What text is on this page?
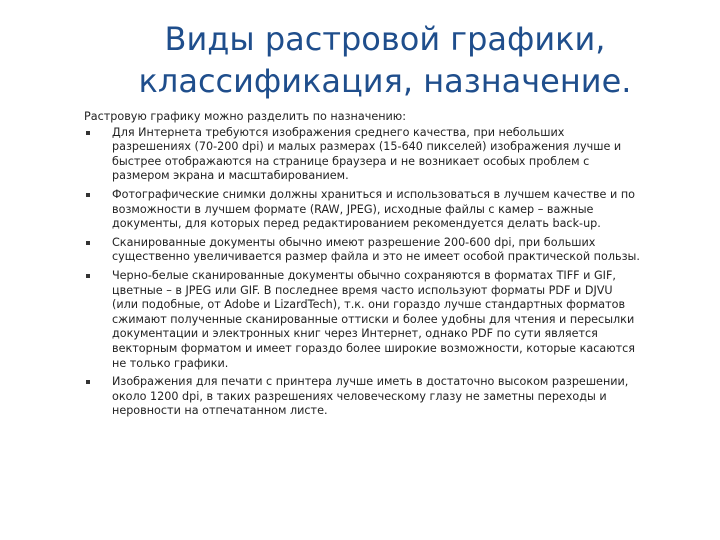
Виды растровой графики,
классификация, назначение.

Растровую графику можно разделить по назначению:

Для Интернета требуются изображения среднего качества, при небольших
разрешениях (70-200 dpi) и малых размерах (15-640 пикселей) изображения лучше и
быстрее отображаются на странице браузера и не возникает особых проблем с
размером экрана и масштабированием.
Фотографические снимки должны храниться и использоваться в лучшем качестве и по
возможности в лучшем формате (RAW, JPEG), исходные файлы с камер – важные
документы, для которых перед редактированием рекомендуется делать back-up.
Сканированные документы обычно имеют разрешение 200-600 dpi, при больших
существенно увеличивается размер файла и это не имеет особой практической пользы.
Черно-белые сканированные документы обычно сохраняются в форматах TIFF и GIF,
цветные – в JPEG или GIF. В последнее время часто используют форматы PDF и DJVU
(или подобные, от Adobe и LizardTech), т.к. они гораздо лучше стандартных форматов
сжимают полученные сканированные оттиски и более удобны для чтения и пересылки
документации и электронных книг через Интернет, однако PDF по сути является
векторным форматом и имеет гораздо более широкие возможности, которые касаются
не только графики.
Изображения для печати с принтера лучше иметь в достаточно высоком разрешении,
около 1200 dpi, в таких разрешениях человеческому глазу не заметны переходы и
неровности на отпечатанном листе.
